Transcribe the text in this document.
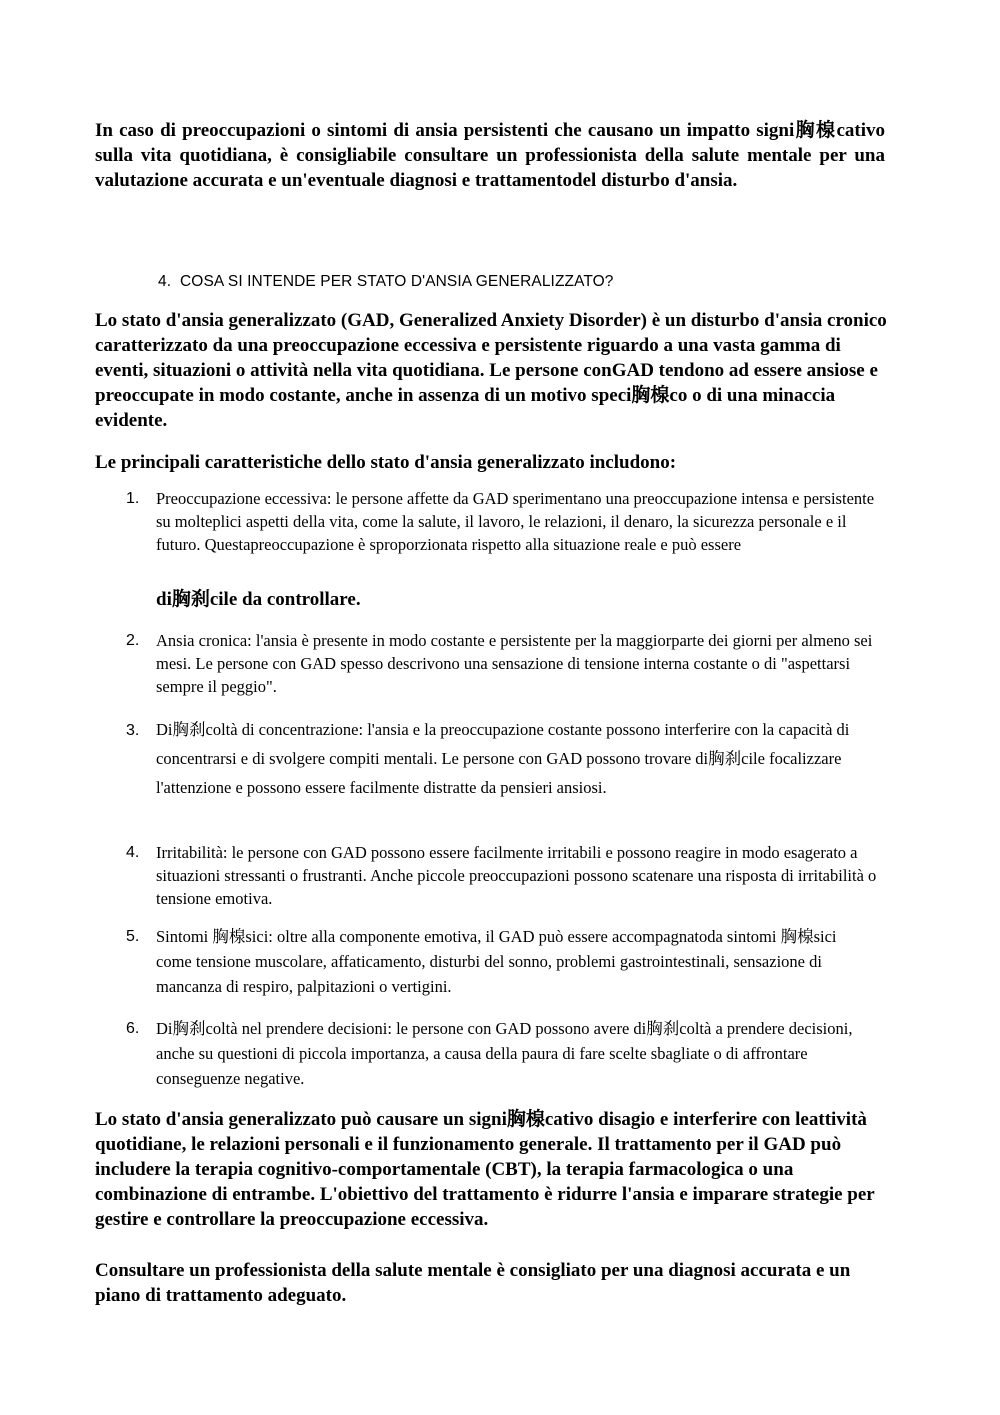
In caso di preoccupazioni o sintomi di ansia persistenti che causano un impatto signi胸楾cativo sulla vita quotidiana, è consigliabile consultare un professionista della salute mentale per una valutazione accurata e un'eventuale diagnosi e trattamentodel disturbo d'ansia.

4. COSA SI INTENDE PER STATO D'ANSIA GENERALIZZATO?

Lo stato d'ansia generalizzato (GAD, Generalized Anxiety Disorder) è un disturbo d'ansia cronico caratterizzato da una preoccupazione eccessiva e persistente riguardo a una vasta gamma di eventi, situazioni o attività nella vita quotidiana. Le persone conGAD tendono ad essere ansiose e preoccupate in modo costante, anche in assenza di un motivo speci胸楾co o di una minaccia evidente.

Le principali caratteristiche dello stato d'ansia generalizzato includono:

1. Preoccupazione eccessiva: le persone affette da GAD sperimentano una preoccupazione intensa e persistente su molteplici aspetti della vita, come la salute, il lavoro, le relazioni, il denaro, la sicurezza personale e il futuro. Questapreoccupazione è sproporzionata rispetto alla situazione reale e può essere
di胸刹cile da controllare.
2. Ansia cronica: l'ansia è presente in modo costante e persistente per la maggiorparte dei giorni per almeno sei mesi. Le persone con GAD spesso descrivono una sensazione di tensione interna costante o di "aspettarsi sempre il peggio".
3. Di胸刹coltà di concentrazione: l'ansia e la preoccupazione costante possono interferire con la capacità di concentrarsi e di svolgere compiti mentali. Le persone con GAD possono trovare di胸刹cile focalizzare l'attenzione e possono essere facilmente distratte da pensieri ansiosi.
4. Irritabilità: le persone con GAD possono essere facilmente irritabili e possono reagire in modo esagerato a situazioni stressanti o frustranti. Anche piccole preoccupazioni possono scatenare una risposta di irritabilità o tensione emotiva.
5. Sintomi 胸楾sici: oltre alla componente emotiva, il GAD può essere accompagnatoda sintomi 胸楾sici come tensione muscolare, affaticamento, disturbi del sonno, problemi gastrointestinali, sensazione di mancanza di respiro, palpitazioni o vertigini.
6. Di胸刹coltà nel prendere decisioni: le persone con GAD possono avere di胸刹coltà a prendere decisioni, anche su questioni di piccola importanza, a causa della paura di fare scelte sbagliate o di affrontare conseguenze negative.

Lo stato d'ansia generalizzato può causare un signi胸楾cativo disagio e interferire con leattività quotidiane, le relazioni personali e il funzionamento generale. Il trattamento per il GAD può includere la terapia cognitivo-comportamentale (CBT), la terapia farmacologica o una combinazione di entrambe. L'obiettivo del trattamento è ridurre l'ansia e imparare strategie per gestire e controllare la preoccupazione eccessiva.

Consultare un professionista della salute mentale è consigliato per una diagnosi accurata e un piano di trattamento adeguato.
